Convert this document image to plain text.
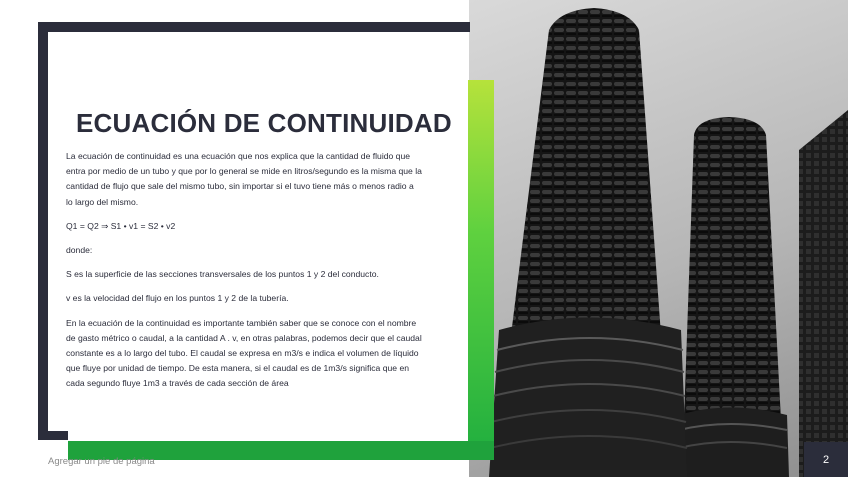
ECUACIÓN DE CONTINUIDAD

La ecuación de continuidad es una ecuación que nos explica que la cantidad de fluido que entra por medio de un tubo y que por lo general se mide en litros/segundo es la misma que la cantidad de flujo que sale del mismo tubo, sin importar si el tuvo tiene más o menos radio a lo largo del mismo.

Q1 = Q2 ⇒ S1 • v1 = S2 • v2

donde:

S es la superficie de las secciones transversales de los puntos 1 y 2 del conducto.

v es la velocidad del flujo en los puntos 1 y 2 de la tubería.

En la ecuación de la continuidad es importante también saber que se conoce con el nombre de gasto métrico o caudal, a la cantidad A . v, en otras palabras, podemos decir que el caudal constante es a lo largo del tubo. El caudal se expresa en m3/s e indica el volumen de líquido que fluye por unidad de tiempo. De esta manera, si el caudal es de 1m3/s significa que en cada segundo fluye 1m3 a través de cada sección de área

Agregar un pie de página	2
